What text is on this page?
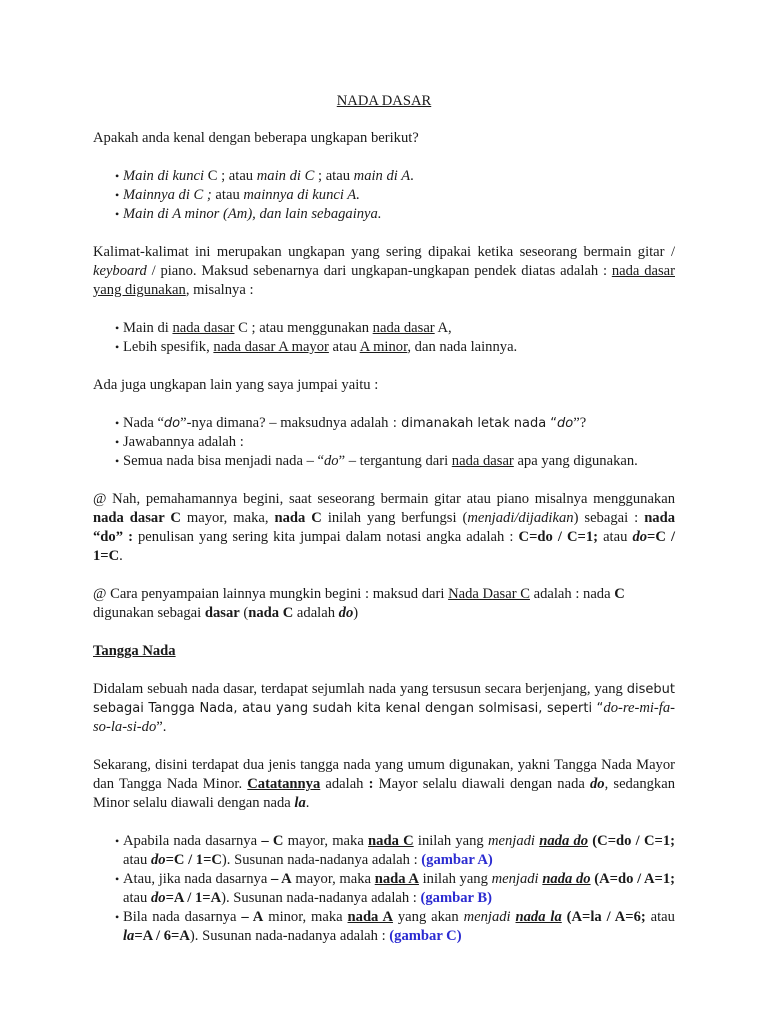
NADA DASAR

Apakah anda kenal dengan beberapa ungkapan berikut?

• Main di kunci C ; atau main di C ; atau main di A.
• Mainnya di C ; atau mainnya di kunci A.
• Main di A minor (Am), dan lain sebagainya.

Kalimat-kalimat ini merupakan ungkapan yang sering dipakai ketika seseorang bermain gitar / keyboard / piano. Maksud sebenarnya dari ungkapan-ungkapan pendek diatas adalah : nada dasar yang digunakan, misalnya :

• Main di nada dasar C ; atau menggunakan nada dasar A,
• Lebih spesifik, nada dasar A mayor atau A minor, dan nada lainnya.

Ada juga ungkapan lain yang saya jumpai yaitu :

• Nada “do”-nya dimana? – maksudnya adalah : dimanakah letak nada “do”?
• Jawabannya adalah :
• Semua nada bisa menjadi nada – “do” – tergantung dari nada dasar apa yang digunakan.

@ Nah, pemahamannya begini, saat seseorang bermain gitar atau piano misalnya menggunakan nada dasar C mayor, maka, nada C inilah yang berfungsi (menjadi/dijadikan) sebagai : nada “do” : penulisan yang sering kita jumpai dalam notasi angka adalah : C=do / C=1; atau do=C / 1=C.

@ Cara penyampaian lainnya mungkin begini : maksud dari Nada Dasar C adalah : nada C digunakan sebagai dasar (nada C adalah do)

Tangga Nada

Didalam sebuah nada dasar, terdapat sejumlah nada yang tersusun secara berjenjang, yang disebut sebagai Tangga Nada, atau yang sudah kita kenal dengan solmisasi, seperti “do-re-mi-fa-so-la-si-do”.

Sekarang, disini terdapat dua jenis tangga nada yang umum digunakan, yakni Tangga Nada Mayor dan Tangga Nada Minor. Catatannya adalah : Mayor selalu diawali dengan nada do, sedangkan Minor selalu diawali dengan nada la.

• Apabila nada dasarnya – C mayor, maka nada C inilah yang menjadi nada do (C=do / C=1; atau do=C / 1=C). Susunan nada-nadanya adalah : (gambar A)
• Atau, jika nada dasarnya – A mayor, maka nada A inilah yang menjadi nada do (A=do / A=1; atau do=A / 1=A). Susunan nada-nadanya adalah : (gambar B)
• Bila nada dasarnya – A minor, maka nada A yang akan menjadi nada la (A=la / A=6; atau la=A / 6=A). Susunan nada-nadanya adalah : (gambar C)
